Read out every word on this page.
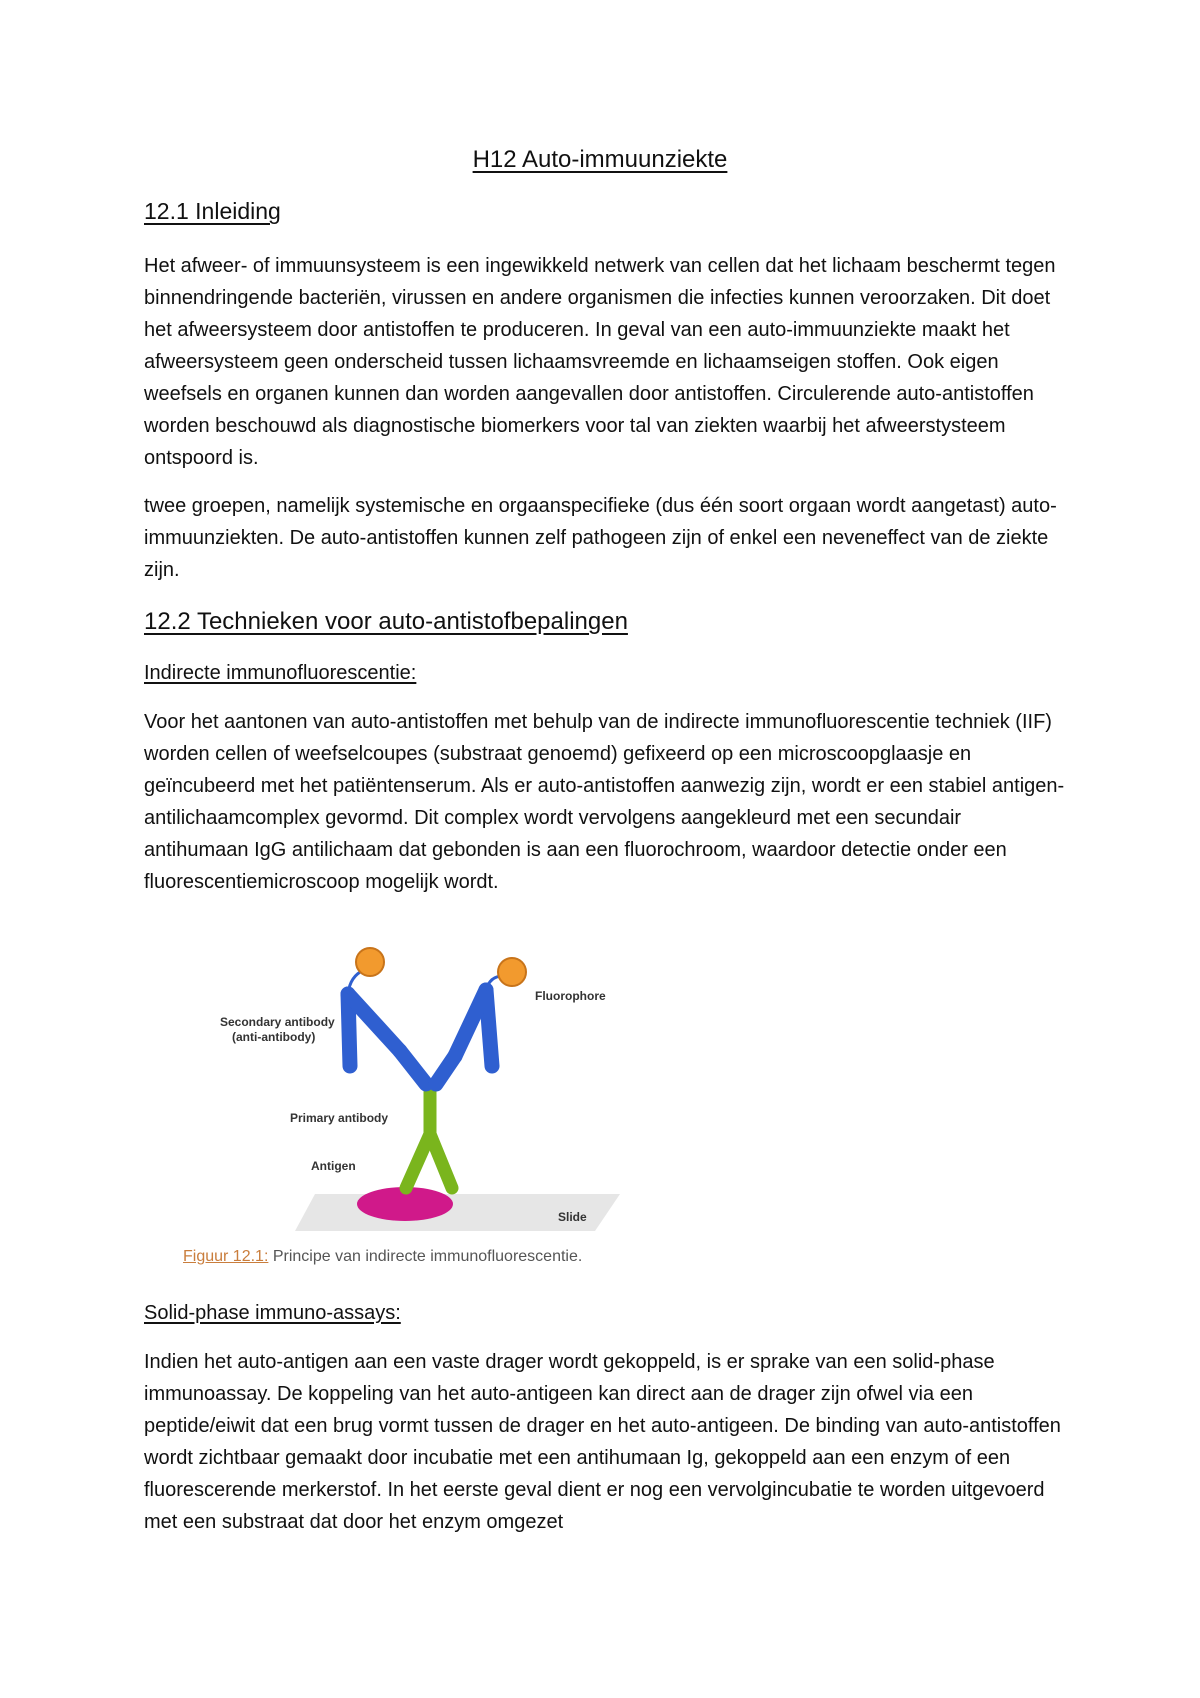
H12 Auto-immuunziekte
12.1 Inleiding

Het afweer- of immuunsysteem is een ingewikkeld netwerk van cellen dat het lichaam beschermt tegen binnendringende bacteriën, virussen en andere organismen die infecties kunnen veroorzaken. Dit doet het afweersysteem door antistoffen te produceren. In geval van een auto-immuunziekte maakt het afweersysteem geen onderscheid tussen lichaamsvreemde en lichaamseigen stoffen. Ook eigen weefsels en organen kunnen dan worden aangevallen door antistoffen. Circulerende auto-antistoffen worden beschouwd als diagnostische biomerkers voor tal van ziekten waarbij het afweerstysteem ontspoord is.

twee groepen, namelijk systemische en orgaanspecifieke (dus één soort orgaan wordt aangetast) auto-immuunziekten. De auto-antistoffen kunnen zelf pathogeen zijn of enkel een neveneffect van de ziekte zijn.

12.2 Technieken voor auto-antistofbepalingen
Indirecte immunofluorescentie:

Voor het aantonen van auto-antistoffen met behulp van de indirecte immunofluorescentie techniek (IIF) worden cellen of weefselcoupes (substraat genoemd) gefixeerd op een microscoopglaasje en geïncubeerd met het patiëntenserum. Als er auto-antistoffen aanwezig zijn, wordt er een stabiel antigen-antilichaamcomplex gevormd. Dit complex wordt vervolgens aangekleurd met een secundair antihumaan IgG antilichaam dat gebonden is aan een fluorochroom, waardoor detectie onder een fluorescentiemicroscoop mogelijk wordt.

Secondary antibody
(anti-antibody)
Fluorophore
Primary antibody
Antigen
Slide
Figuur 12.1: Principe van indirecte immunofluorescentie.
Solid-phase immuno-assays:

Indien het auto-antigen aan een vaste drager wordt gekoppeld, is er sprake van een solid-phase immunoassay. De koppeling van het auto-antigeen kan direct aan de drager zijn ofwel via een peptide/eiwit dat een brug vormt tussen de drager en het auto-antigeen. De binding van auto-antistoffen wordt zichtbaar gemaakt door incubatie met een antihumaan Ig, gekoppeld aan een enzym of een fluorescerende merkerstof. In het eerste geval dient er nog een vervolgincubatie te worden uitgevoerd met een substraat dat door het enzym omgezet
